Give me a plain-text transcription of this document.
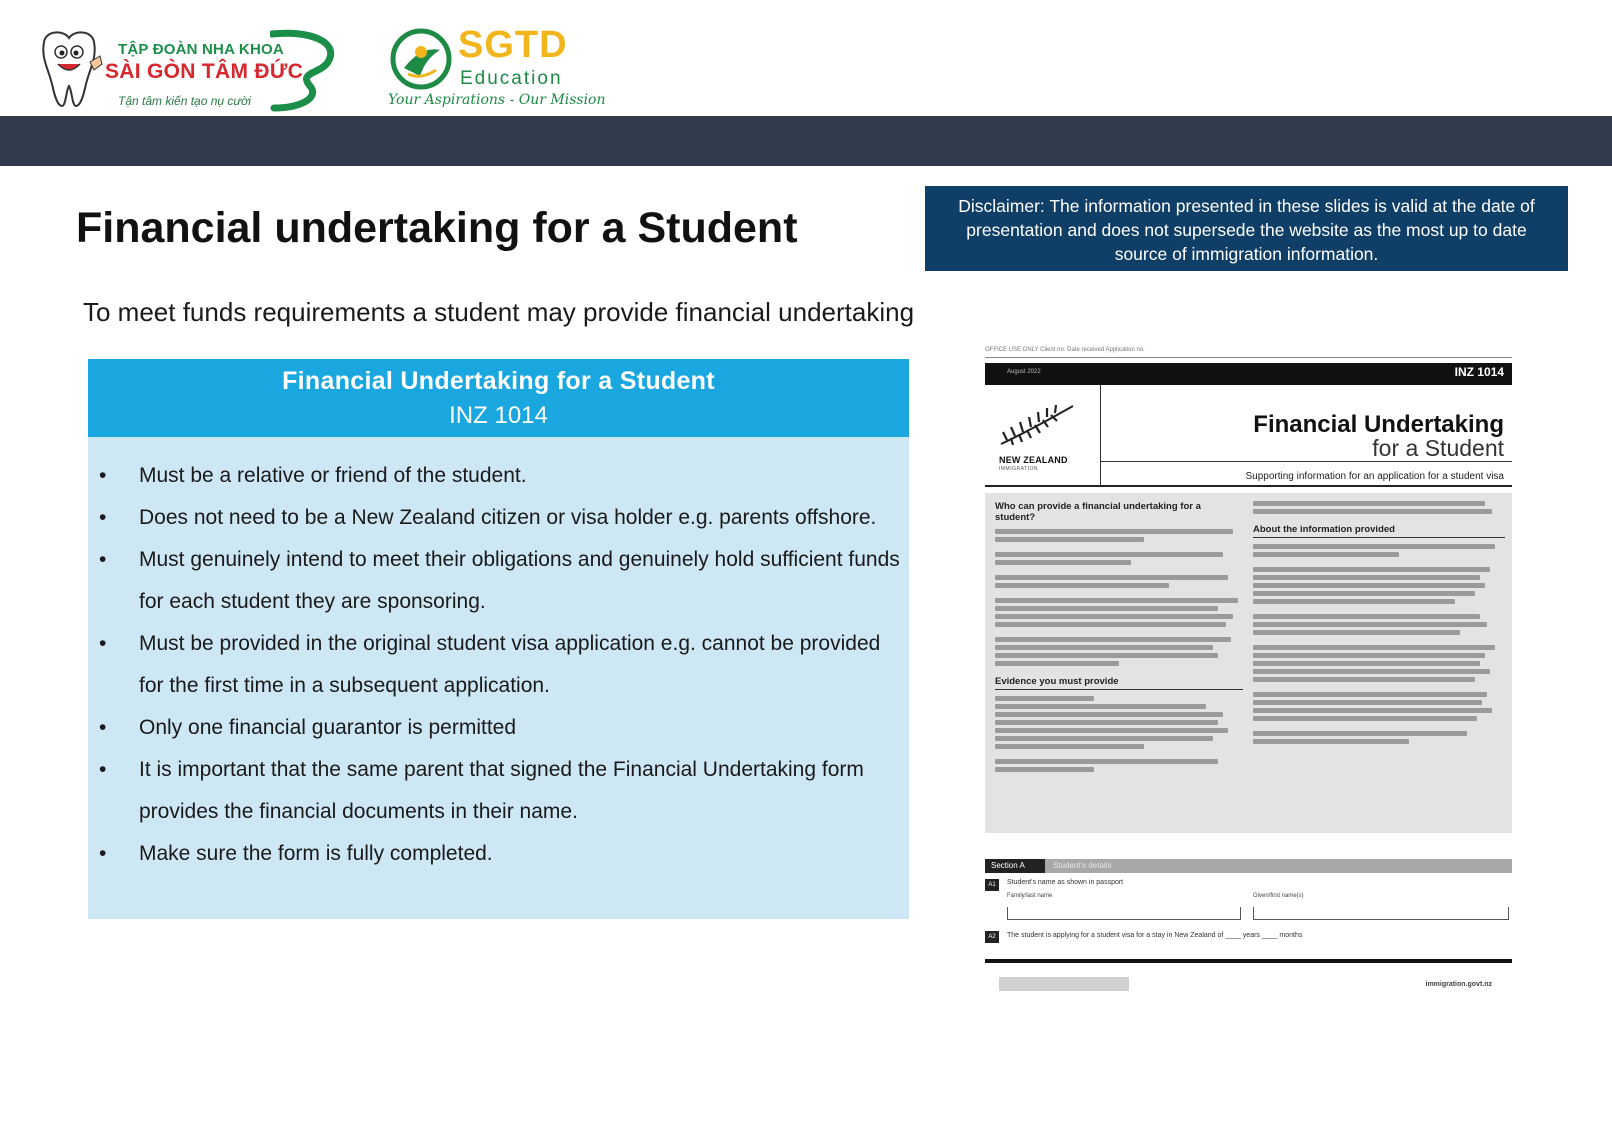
TẬP ĐOÀN NHA KHOA
SÀI GÒN TÂM ĐỨC
Tận tâm kiến tạo nụ cười
SGTD
Education
Your Aspirations - Our Mission
Financial undertaking for a Student	Disclaimer: The information presented in these slides is valid at the date of presentation and does not supersede the website as the most up to date source of immigration information.
To meet funds requirements a student may provide financial undertaking
Financial Undertaking for a Student
INZ 1014
• Must be a relative or friend of the student.
• Does not need to be a New Zealand citizen or visa holder e.g. parents offshore.
• Must genuinely intend to meet their obligations and genuinely hold sufficient funds for each student they are sponsoring.
• Must be provided in the original student visa application e.g. cannot be provided for the first time in a subsequent application.
• Only one financial guarantor is permitted
• It is important that the same parent that signed the Financial Undertaking form provides the financial documents in their name.
• Make sure the form is fully completed.
OFFICE USE ONLY Client no. Date received Application no.
August 2022	INZ 1014
NEW ZEALAND
IMMIGRATION
Financial Undertaking
for a Student
Supporting information for an application for a student visa
Who can provide a financial undertaking for a student?
Evidence you must provide
About the information provided
Section A	Student's details
A1	Student's name as shown in passport
Family/last name	Given/first name(s)
A2	The student is applying for a student visa for a stay in New Zealand of ____ years ____ months
immigration.govt.nz
